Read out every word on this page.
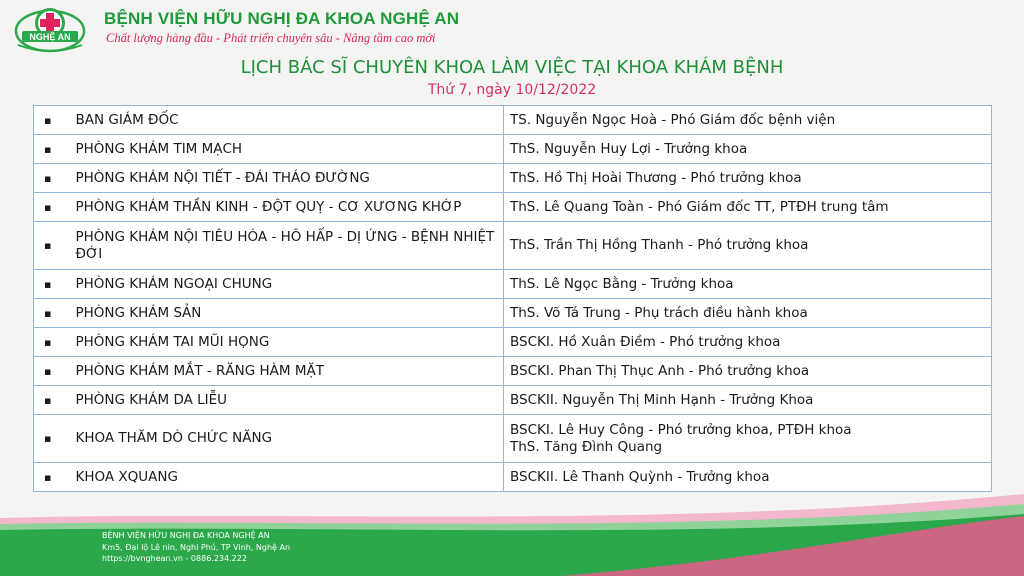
NGHỆ AN
BỆNH VIỆN HỮU NGHỊ ĐA KHOA NGHỆ AN
Chất lượng hàng đầu - Phát triển chuyên sâu - Nâng tầm cao mới
LỊCH BÁC SĨ CHUYÊN KHOA LÀM VIỆC TẠI KHOA KHÁM BỆNH
Thứ 7, ngày 10/12/2022
▪	BAN GIÁM ĐỐC	TS. Nguyễn Ngọc Hoà - Phó Giám đốc bệnh viện
▪	PHÒNG KHÁM TIM MẠCH	ThS. Nguyễn Huy Lợi - Trưởng khoa
▪	PHÒNG KHÁM NỘI TIẾT - ĐÁI THÁO ĐƯỜNG	ThS. Hồ Thị Hoài Thương - Phó trưởng khoa
▪	PHÒNG KHÁM THẦN KINH - ĐỘT QUỴ - CƠ XƯƠNG KHỚP	ThS. Lê Quang Toàn - Phó Giám đốc TT, PTĐH trung tâm
▪	PHÒNG KHÁM NỘI TIÊU HÓA - HÔ HẤP - DỊ ỨNG - BỆNH NHIỆT ĐỚI	ThS. Trần Thị Hồng Thanh - Phó trưởng khoa
▪	PHÒNG KHÁM NGOẠI CHUNG	ThS. Lê Ngọc Bằng - Trưởng khoa
▪	PHÒNG KHÁM SẢN	ThS. Võ Tá Trung - Phụ trách điều hành khoa
▪	PHÒNG KHÁM TAI MŨI HỌNG	BSCKI. Hồ Xuân Điềm - Phó trưởng khoa
▪	PHÒNG KHÁM MẮT - RĂNG HÀM MẶT	BSCKI. Phan Thị Thục Anh - Phó trưởng khoa
▪	PHÒNG KHÁM DA LIỄU	BSCKII. Nguyễn Thị Minh Hạnh - Trưởng Khoa
▪	KHOA THĂM DÒ CHỨC NĂNG	BSCKI. Lê Huy Công - Phó trưởng khoa, PTĐH khoa
ThS. Tăng Đình Quang

▪	KHOA XQUANG	BSCKII. Lê Thanh Quỳnh - Trưởng khoa
BỆNH VIỆN HỮU NGHỊ ĐA KHOA NGHỆ AN
Km5, Đại lộ Lê nin, Nghi Phú, TP Vinh, Nghệ An
https://bvnghean.vn - 0886.234.222
